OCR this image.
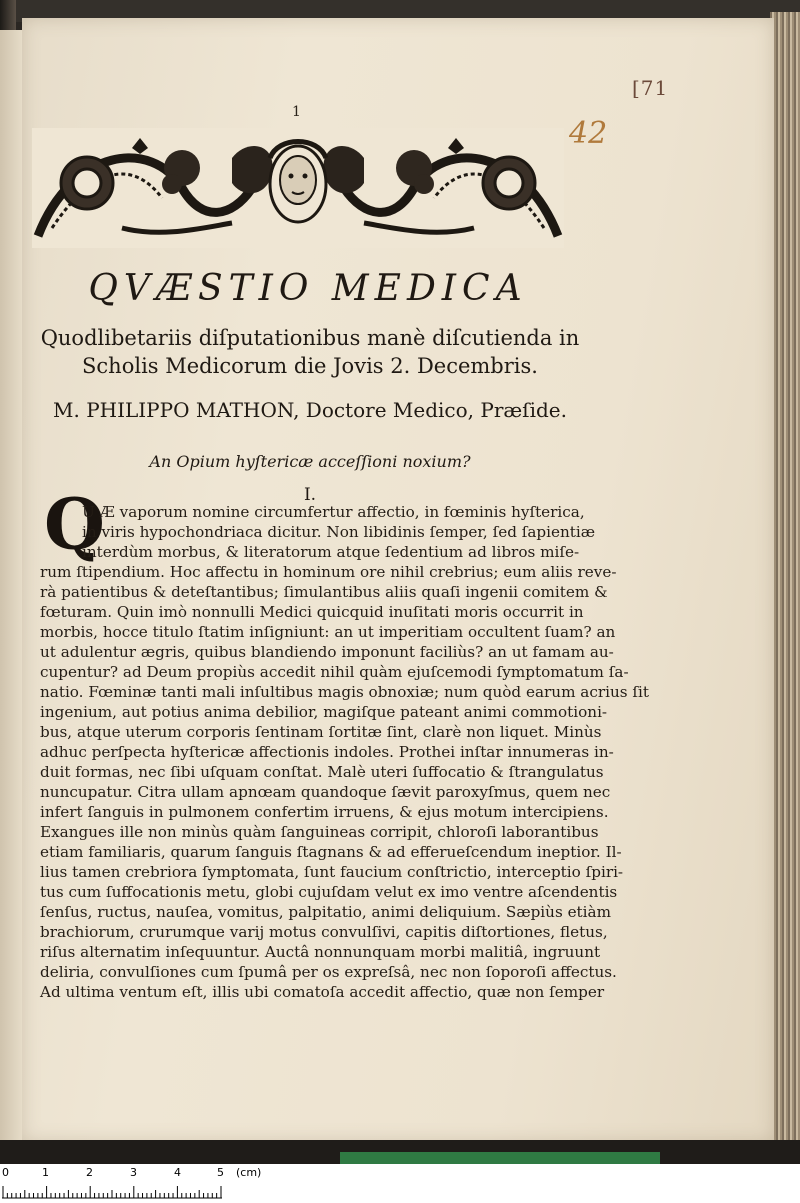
1
[71
42
QVÆSTIO MEDICA
Quodlibetariis diſputationibus manè diſcutienda in
Scholis Medicorum die Jovis 2. Decembris.
M. PHILIPPO MATHON, Doctore Medico, Præſide.
An Opium hyſtericæ acceſſioni noxium?
I.
Q
U Æ vaporum nomine circumfertur affectio, in fœminis hyſterica,
in viris hypochondriaca dicitur. Non libidinis ſemper, ſed ſapientiæ
interdùm morbus, & literatorum atque ſedentium ad libros miſe-
rum ſtipendium. Hoc affectu in hominum ore nihil crebrius; eum aliis reve-
rà patientibus & deteſtantibus; ſimulantibus aliis quaſi ingenii comitem &
fœturam. Quin imò nonnulli Medici quicquid inuſitati moris occurrit in
morbis, hocce titulo ſtatim inſigniunt: an ut imperitiam occultent ſuam? an
ut adulentur ægris, quibus blandiendo imponunt faciliùs? an ut famam au-
cupentur? ad Deum propiùs accedit nihil quàm ejuſcemodi ſymptomatum ſa-
natio. Fœminæ tanti mali inſultibus magis obnoxiæ; num quòd earum acrius ſit
ingenium, aut potius anima debilior, magiſque pateant animi commotioni-
bus, atque uterum corporis ſentinam ſortitæ ſint, clarè non liquet. Minùs
adhuc perſpecta hyſtericæ affectionis indoles. Prothei inſtar innumeras in-
duit formas, nec ſibi uſquam conſtat. Malè uteri ſuffocatio & ſtrangulatus
nuncupatur. Citra ullam apnœam quandoque ſævit paroxyſmus, quem nec
infert ſanguis in pulmonem confertim irruens, & ejus motum intercipiens.
Exangues ille non minùs quàm ſanguineas corripit, chloroſi laborantibus
etiam familiaris, quarum ſanguis ſtagnans & ad efferueſcendum ineptior. Il-
lius tamen crebriora ſymptomata, ſunt faucium conſtrictio, interceptio ſpiri-
tus cum ſuffocationis metu, globi cujuſdam velut ex imo ventre aſcendentis
ſenſus, ructus, nauſea, vomitus, palpitatio, animi deliquium. Sæpiùs etiàm
brachiorum, crurumque varij motus convulſivi, capitis diſtortiones, fletus,
riſus alternatim inſequuntur. Auctâ nonnunquam morbi malitiâ, ingruunt
deliria, convulſiones cum ſpumâ per os expreſsâ, nec non ſoporoſi affectus.
Ad ultima ventum eſt, illis ubi comatoſa accedit affectio, quæ non ſemper
0	1	2	3	4	5 (cm)
